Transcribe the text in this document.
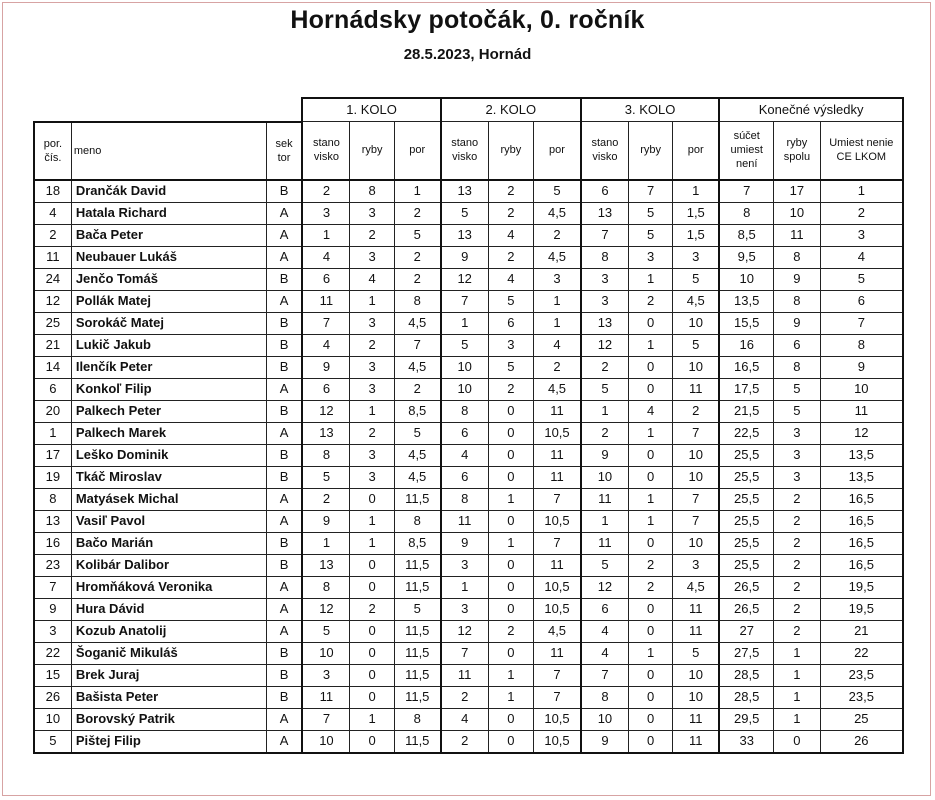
Hornádsky potočák, 0. ročník
28.5.2023, Hornád
			1. KOLO			2. KOLO			3. KOLO			Konečné výsledky		
por. čís.	meno	sek tor	stano visko	ryby	por	stano visko	ryby	por	stano visko	ryby	por	súčet umiest není	ryby spolu	Umiest nenie CE LKOM
18	Drančák David	B	2	8	1	13	2	5	6	7	1	7	17	1
4	Hatala Richard	A	3	3	2	5	2	4,5	13	5	1,5	8	10	2
2	Bača Peter	A	1	2	5	13	4	2	7	5	1,5	8,5	11	3
11	Neubauer Lukáš	A	4	3	2	9	2	4,5	8	3	3	9,5	8	4
24	Jenčo Tomáš	B	6	4	2	12	4	3	3	1	5	10	9	5
12	Pollák Matej	A	11	1	8	7	5	1	3	2	4,5	13,5	8	6
25	Sorokáč Matej	B	7	3	4,5	1	6	1	13	0	10	15,5	9	7
21	Lukič Jakub	B	4	2	7	5	3	4	12	1	5	16	6	8
14	Ilenčík Peter	B	9	3	4,5	10	5	2	2	0	10	16,5	8	9
6	Konkoľ Filip	A	6	3	2	10	2	4,5	5	0	11	17,5	5	10
20	Palkech Peter	B	12	1	8,5	8	0	11	1	4	2	21,5	5	11
1	Palkech Marek	A	13	2	5	6	0	10,5	2	1	7	22,5	3	12
17	Leško Dominik	B	8	3	4,5	4	0	11	9	0	10	25,5	3	13,5
19	Tkáč Miroslav	B	5	3	4,5	6	0	11	10	0	10	25,5	3	13,5
8	Matyásek Michal	A	2	0	11,5	8	1	7	11	1	7	25,5	2	16,5
13	Vasiľ Pavol	A	9	1	8	11	0	10,5	1	1	7	25,5	2	16,5
16	Bačo Marián	B	1	1	8,5	9	1	7	11	0	10	25,5	2	16,5
23	Kolibár Dalibor	B	13	0	11,5	3	0	11	5	2	3	25,5	2	16,5
7	Hromňáková Veronika	A	8	0	11,5	1	0	10,5	12	2	4,5	26,5	2	19,5
9	Hura Dávid	A	12	2	5	3	0	10,5	6	0	11	26,5	2	19,5
3	Kozub Anatolij	A	5	0	11,5	12	2	4,5	4	0	11	27	2	21
22	Šoganič Mikuláš	B	10	0	11,5	7	0	11	4	1	5	27,5	1	22
15	Brek Juraj	B	3	0	11,5	11	1	7	7	0	10	28,5	1	23,5
26	Bašista Peter	B	11	0	11,5	2	1	7	8	0	10	28,5	1	23,5
10	Borovský Patrik	A	7	1	8	4	0	10,5	10	0	11	29,5	1	25
5	Pištej Filip	A	10	0	11,5	2	0	10,5	9	0	11	33	0	26
